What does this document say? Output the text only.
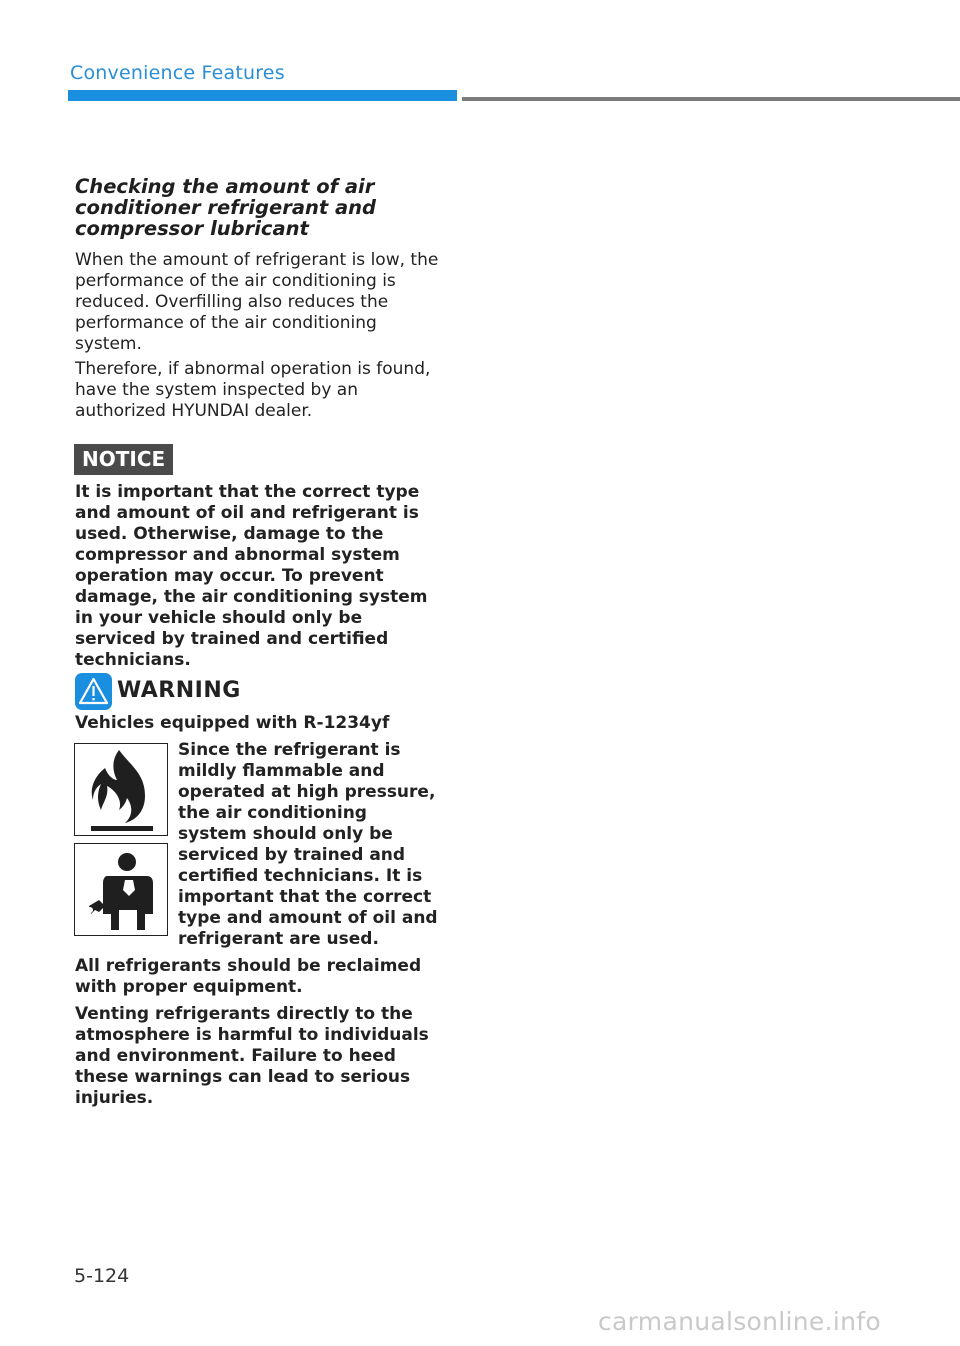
Convenience Features
Checking the amount of air conditioner refrigerant and compressor lubricant
When the amount of refrigerant is low, the performance of the air conditioning is reduced. Overfilling also reduces the performance of the air conditioning system.
Therefore, if abnormal operation is found, have the system inspected by an authorized HYUNDAI dealer.
NOTICE
It is important that the correct type and amount of oil and refrigerant is used. Otherwise, damage to the compressor and abnormal system operation may occur. To prevent damage, the air conditioning system in your vehicle should only be serviced by trained and certified technicians.
WARNING
Vehicles equipped with R-1234yf
Since the refrigerant is mildly flammable and operated at high pressure, the air conditioning system should only be serviced by trained and certified technicians. It is important that the correct type and amount of oil and refrigerant are used.
All refrigerants should be reclaimed with proper equipment.
Venting refrigerants directly to the atmosphere is harmful to individuals and environment. Failure to heed these warnings can lead to serious injuries.
5-124
carmanualsonline.info
